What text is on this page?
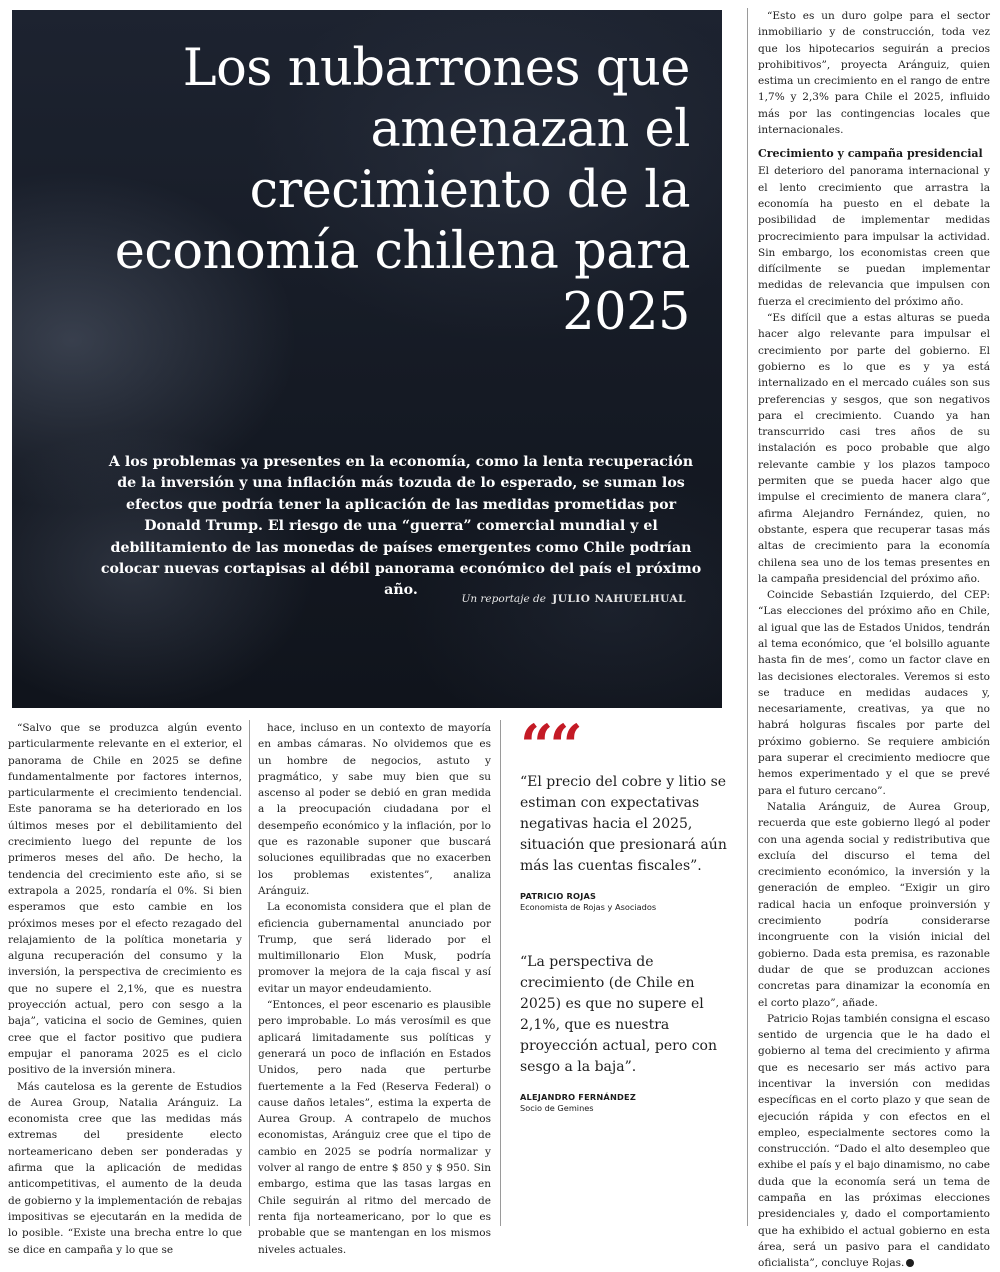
Los nubarrones que amenazan el crecimiento de la economía chilena para 2025

A los problemas ya presentes en la economía, como la lenta recuperación de la inversión y una inflación más tozuda de lo esperado, se suman los efectos que podría tener la aplicación de las medidas prometidas por Donald Trump. El riesgo de una “guerra” comercial mundial y el debilitamiento de las monedas de países emergentes como Chile podrían colocar nuevas cortapisas al débil panorama económico del país el próximo año.

Un reportaje de JULIO NAHUELHUAL

“Salvo que se produzca algún evento particularmente relevante en el exterior, el panorama de Chile en 2025 se define fundamentalmente por factores internos, particularmente el crecimiento tendencial. Este panorama se ha deteriorado en los últimos meses por el debilitamiento del crecimiento luego del repunte de los primeros meses del año. De hecho, la tendencia del crecimiento este año, si se extrapola a 2025, rondaría el 0%. Si bien esperamos que esto cambie en los próximos meses por el efecto rezagado del relajamiento de la política monetaria y alguna recuperación del consumo y la inversión, la perspectiva de crecimiento es que no supere el 2,1%, que es nuestra proyección actual, pero con sesgo a la baja”, vaticina el socio de Gemines, quien cree que el factor positivo que pudiera empujar el panorama 2025 es el ciclo positivo de la inversión minera.

Más cautelosa es la gerente de Estudios de Aurea Group, Natalia Aránguiz. La economista cree que las medidas más extremas del presidente electo norteamericano deben ser ponderadas y afirma que la aplicación de medidas anticompetitivas, el aumento de la deuda de gobierno y la implementación de rebajas impositivas se ejecutarán en la medida de lo posible. “Existe una brecha entre lo que se dice en campaña y lo que se

hace, incluso en un contexto de mayoría en ambas cámaras. No olvidemos que es un hombre de negocios, astuto y pragmático, y sabe muy bien que su ascenso al poder se debió en gran medida a la preocupación ciudadana por el desempeño económico y la inflación, por lo que es razonable suponer que buscará soluciones equilibradas que no exacerben los problemas existentes”, analiza Aránguiz.

La economista considera que el plan de eficiencia gubernamental anunciado por Trump, que será liderado por el multimillonario Elon Musk, podría promover la mejora de la caja fiscal y así evitar un mayor endeudamiento.

“Entonces, el peor escenario es plausible pero improbable. Lo más verosímil es que aplicará limitadamente sus políticas y generará un poco de inflación en Estados Unidos, pero nada que perturbe fuertemente a la Fed (Reserva Federal) o cause daños letales”, estima la experta de Aurea Group. A contrapelo de muchos economistas, Aránguiz cree que el tipo de cambio en 2025 se podría normalizar y volver al rango de entre $ 850 y $ 950. Sin embargo, estima que las tasas largas en Chile seguirán al ritmo del mercado de renta fija norteamericano, por lo que es probable que se mantengan en los mismos niveles actuales.

““

“El precio del cobre y litio se estiman con expectativas negativas hacia el 2025, situación que presionará aún más las cuentas fiscales”.

PATRICIO ROJAS

Economista de Rojas y Asociados

“La perspectiva de crecimiento (de Chile en 2025) es que no supere el 2,1%, que es nuestra proyección actual, pero con sesgo a la baja”.

ALEJANDRO FERNÁNDEZ

Socio de Gemines

“Esto es un duro golpe para el sector inmobiliario y de construcción, toda vez que los hipotecarios seguirán a precios prohibitivos”, proyecta Aránguiz, quien estima un crecimiento en el rango de entre 1,7% y 2,3% para Chile el 2025, influido más por las contingencias locales que internacionales.

Crecimiento y campaña presidencial

El deterioro del panorama internacional y el lento crecimiento que arrastra la economía ha puesto en el debate la posibilidad de implementar medidas procrecimiento para impulsar la actividad. Sin embargo, los economistas creen que difícilmente se puedan implementar medidas de relevancia que impulsen con fuerza el crecimiento del próximo año.

“Es difícil que a estas alturas se pueda hacer algo relevante para impulsar el crecimiento por parte del gobierno. El gobierno es lo que es y ya está internalizado en el mercado cuáles son sus preferencias y sesgos, que son negativos para el crecimiento. Cuando ya han transcurrido casi tres años de su instalación es poco probable que algo relevante cambie y los plazos tampoco permiten que se pueda hacer algo que impulse el crecimiento de manera clara”, afirma Alejandro Fernández, quien, no obstante, espera que recuperar tasas más altas de crecimiento para la economía chilena sea uno de los temas presentes en la campaña presidencial del próximo año.

Coincide Sebastián Izquierdo, del CEP: “Las elecciones del próximo año en Chile, al igual que las de Estados Unidos, tendrán al tema económico, que ‘el bolsillo aguante hasta fin de mes’, como un factor clave en las decisiones electorales. Veremos si esto se traduce en medidas audaces y, necesariamente, creativas, ya que no habrá holguras fiscales por parte del próximo gobierno. Se requiere ambición para superar el crecimiento mediocre que hemos experimentado y el que se prevé para el futuro cercano”.

Natalia Aránguiz, de Aurea Group, recuerda que este gobierno llegó al poder con una agenda social y redistributiva que excluía del discurso el tema del crecimiento económico, la inversión y la generación de empleo. “Exigir un giro radical hacia un enfoque proinversión y crecimiento podría considerarse incongruente con la visión inicial del gobierno. Dada esta premisa, es razonable dudar de que se produzcan acciones concretas para dinamizar la economía en el corto plazo”, añade.

Patricio Rojas también consigna el escaso sentido de urgencia que le ha dado el gobierno al tema del crecimiento y afirma que es necesario ser más activo para incentivar la inversión con medidas específicas en el corto plazo y que sean de ejecución rápida y con efectos en el empleo, especialmente sectores como la construcción. “Dado el alto desempleo que exhibe el país y el bajo dinamismo, no cabe duda que la economía será un tema de campaña en las próximas elecciones presidenciales y, dado el comportamiento que ha exhibido el actual gobierno en esta área, será un pasivo para el candidato oficialista”, concluye Rojas.
